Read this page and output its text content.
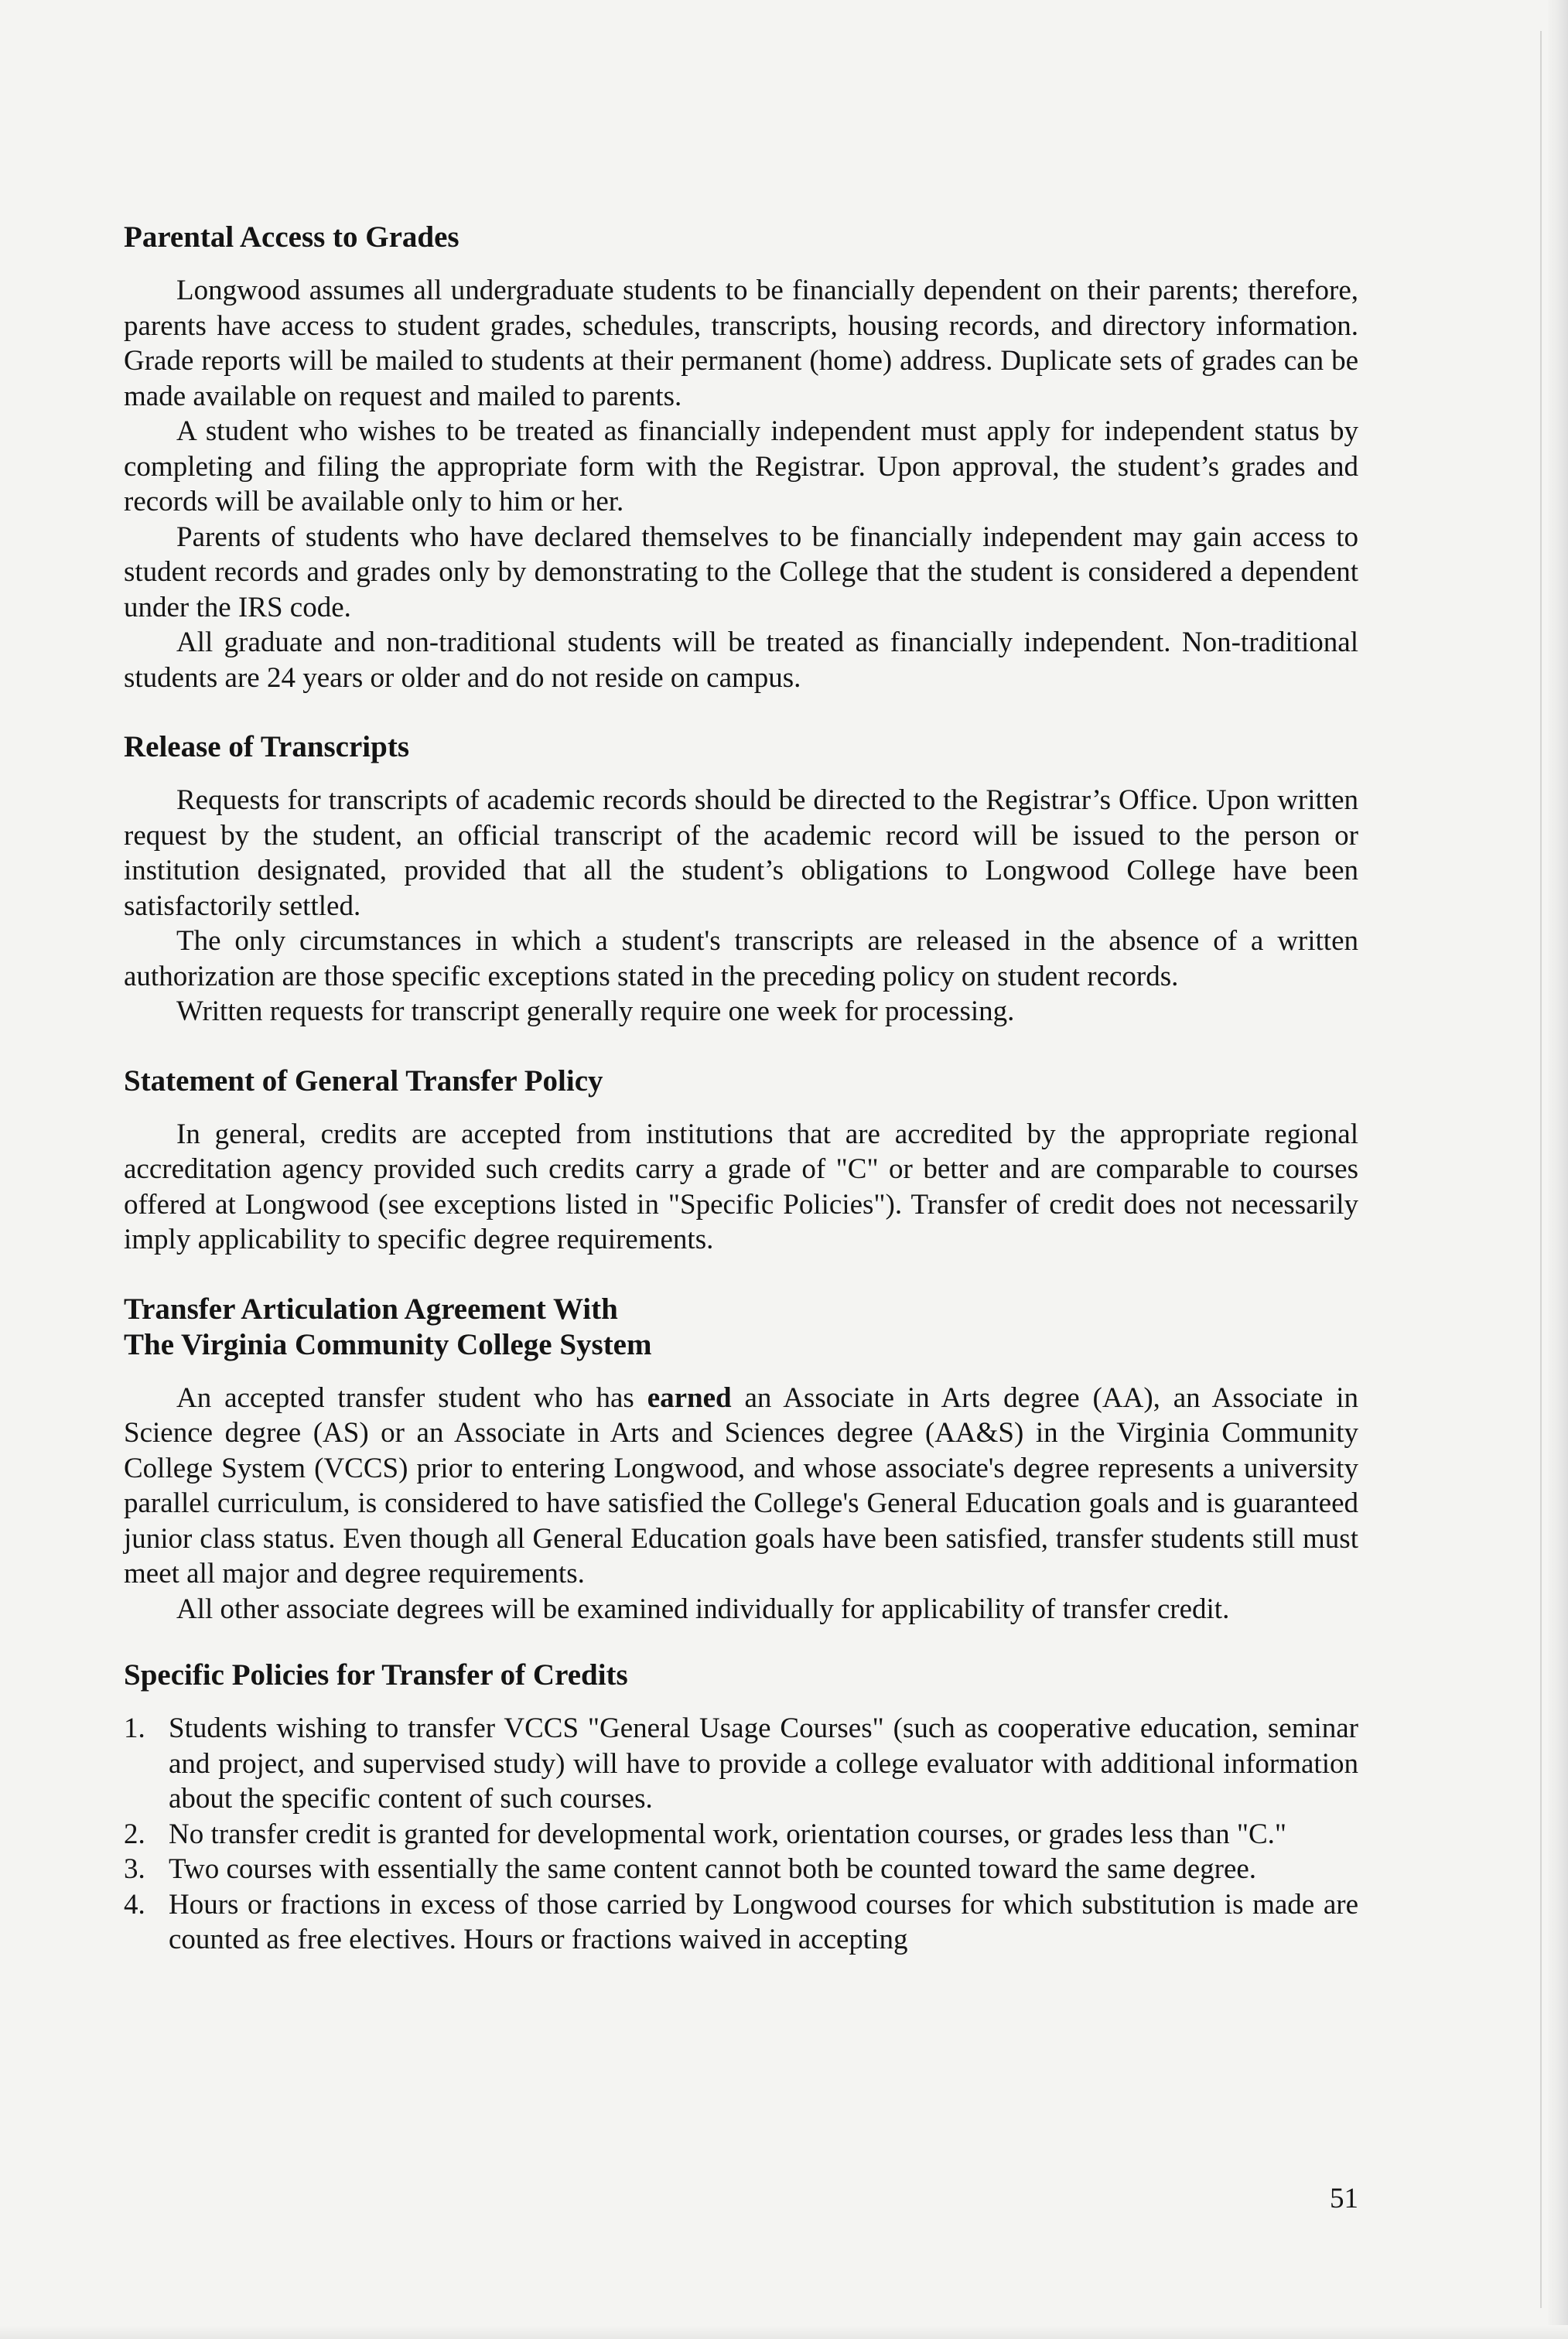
Parental Access to Grades

Longwood assumes all undergraduate students to be financially dependent on their parents; therefore, parents have access to student grades, schedules, transcripts, housing records, and directory information. Grade reports will be mailed to students at their permanent (home) address. Duplicate sets of grades can be made available on request and mailed to parents.

A student who wishes to be treated as financially independent must apply for independent status by completing and filing the appropriate form with the Registrar. Upon approval, the student’s grades and records will be available only to him or her.

Parents of students who have declared themselves to be financially independent may gain access to student records and grades only by demonstrating to the College that the student is considered a dependent under the IRS code.

All graduate and non-traditional students will be treated as financially independent. Non-traditional students are 24 years or older and do not reside on campus.

Release of Transcripts

Requests for transcripts of academic records should be directed to the Registrar’s Office. Upon written request by the student, an official transcript of the academic record will be issued to the person or institution designated, provided that all the student’s obligations to Longwood College have been satisfactorily settled.

The only circumstances in which a student's transcripts are released in the absence of a written authorization are those specific exceptions stated in the preceding policy on student records.

Written requests for transcript generally require one week for processing.

Statement of General Transfer Policy

In general, credits are accepted from institutions that are accredited by the appropriate regional accreditation agency provided such credits carry a grade of "C" or better and are comparable to courses offered at Longwood (see exceptions listed in "Specific Policies"). Transfer of credit does not necessarily imply applicability to specific degree requirements.

Transfer Articulation Agreement With
The Virginia Community College System

An accepted transfer student who has earned an Associate in Arts degree (AA), an Associate in Science degree (AS) or an Associate in Arts and Sciences degree (AA&S) in the Virginia Community College System (VCCS) prior to entering Longwood, and whose associate's degree represents a university parallel curriculum, is considered to have satisfied the College's General Education goals and is guaranteed junior class status. Even though all General Education goals have been satisfied, transfer students still must meet all major and degree requirements.

All other associate degrees will be examined individually for applicability of transfer credit.

Specific Policies for Transfer of Credits
1. Students wishing to transfer VCCS "General Usage Courses" (such as cooperative education, seminar and project, and supervised study) will have to provide a college evaluator with additional information about the specific content of such courses.
2. No transfer credit is granted for developmental work, orientation courses, or grades less than "C."
3. Two courses with essentially the same content cannot both be counted toward the same degree.
4. Hours or fractions in excess of those carried by Longwood courses for which substitution is made are counted as free electives. Hours or fractions waived in accepting
51
